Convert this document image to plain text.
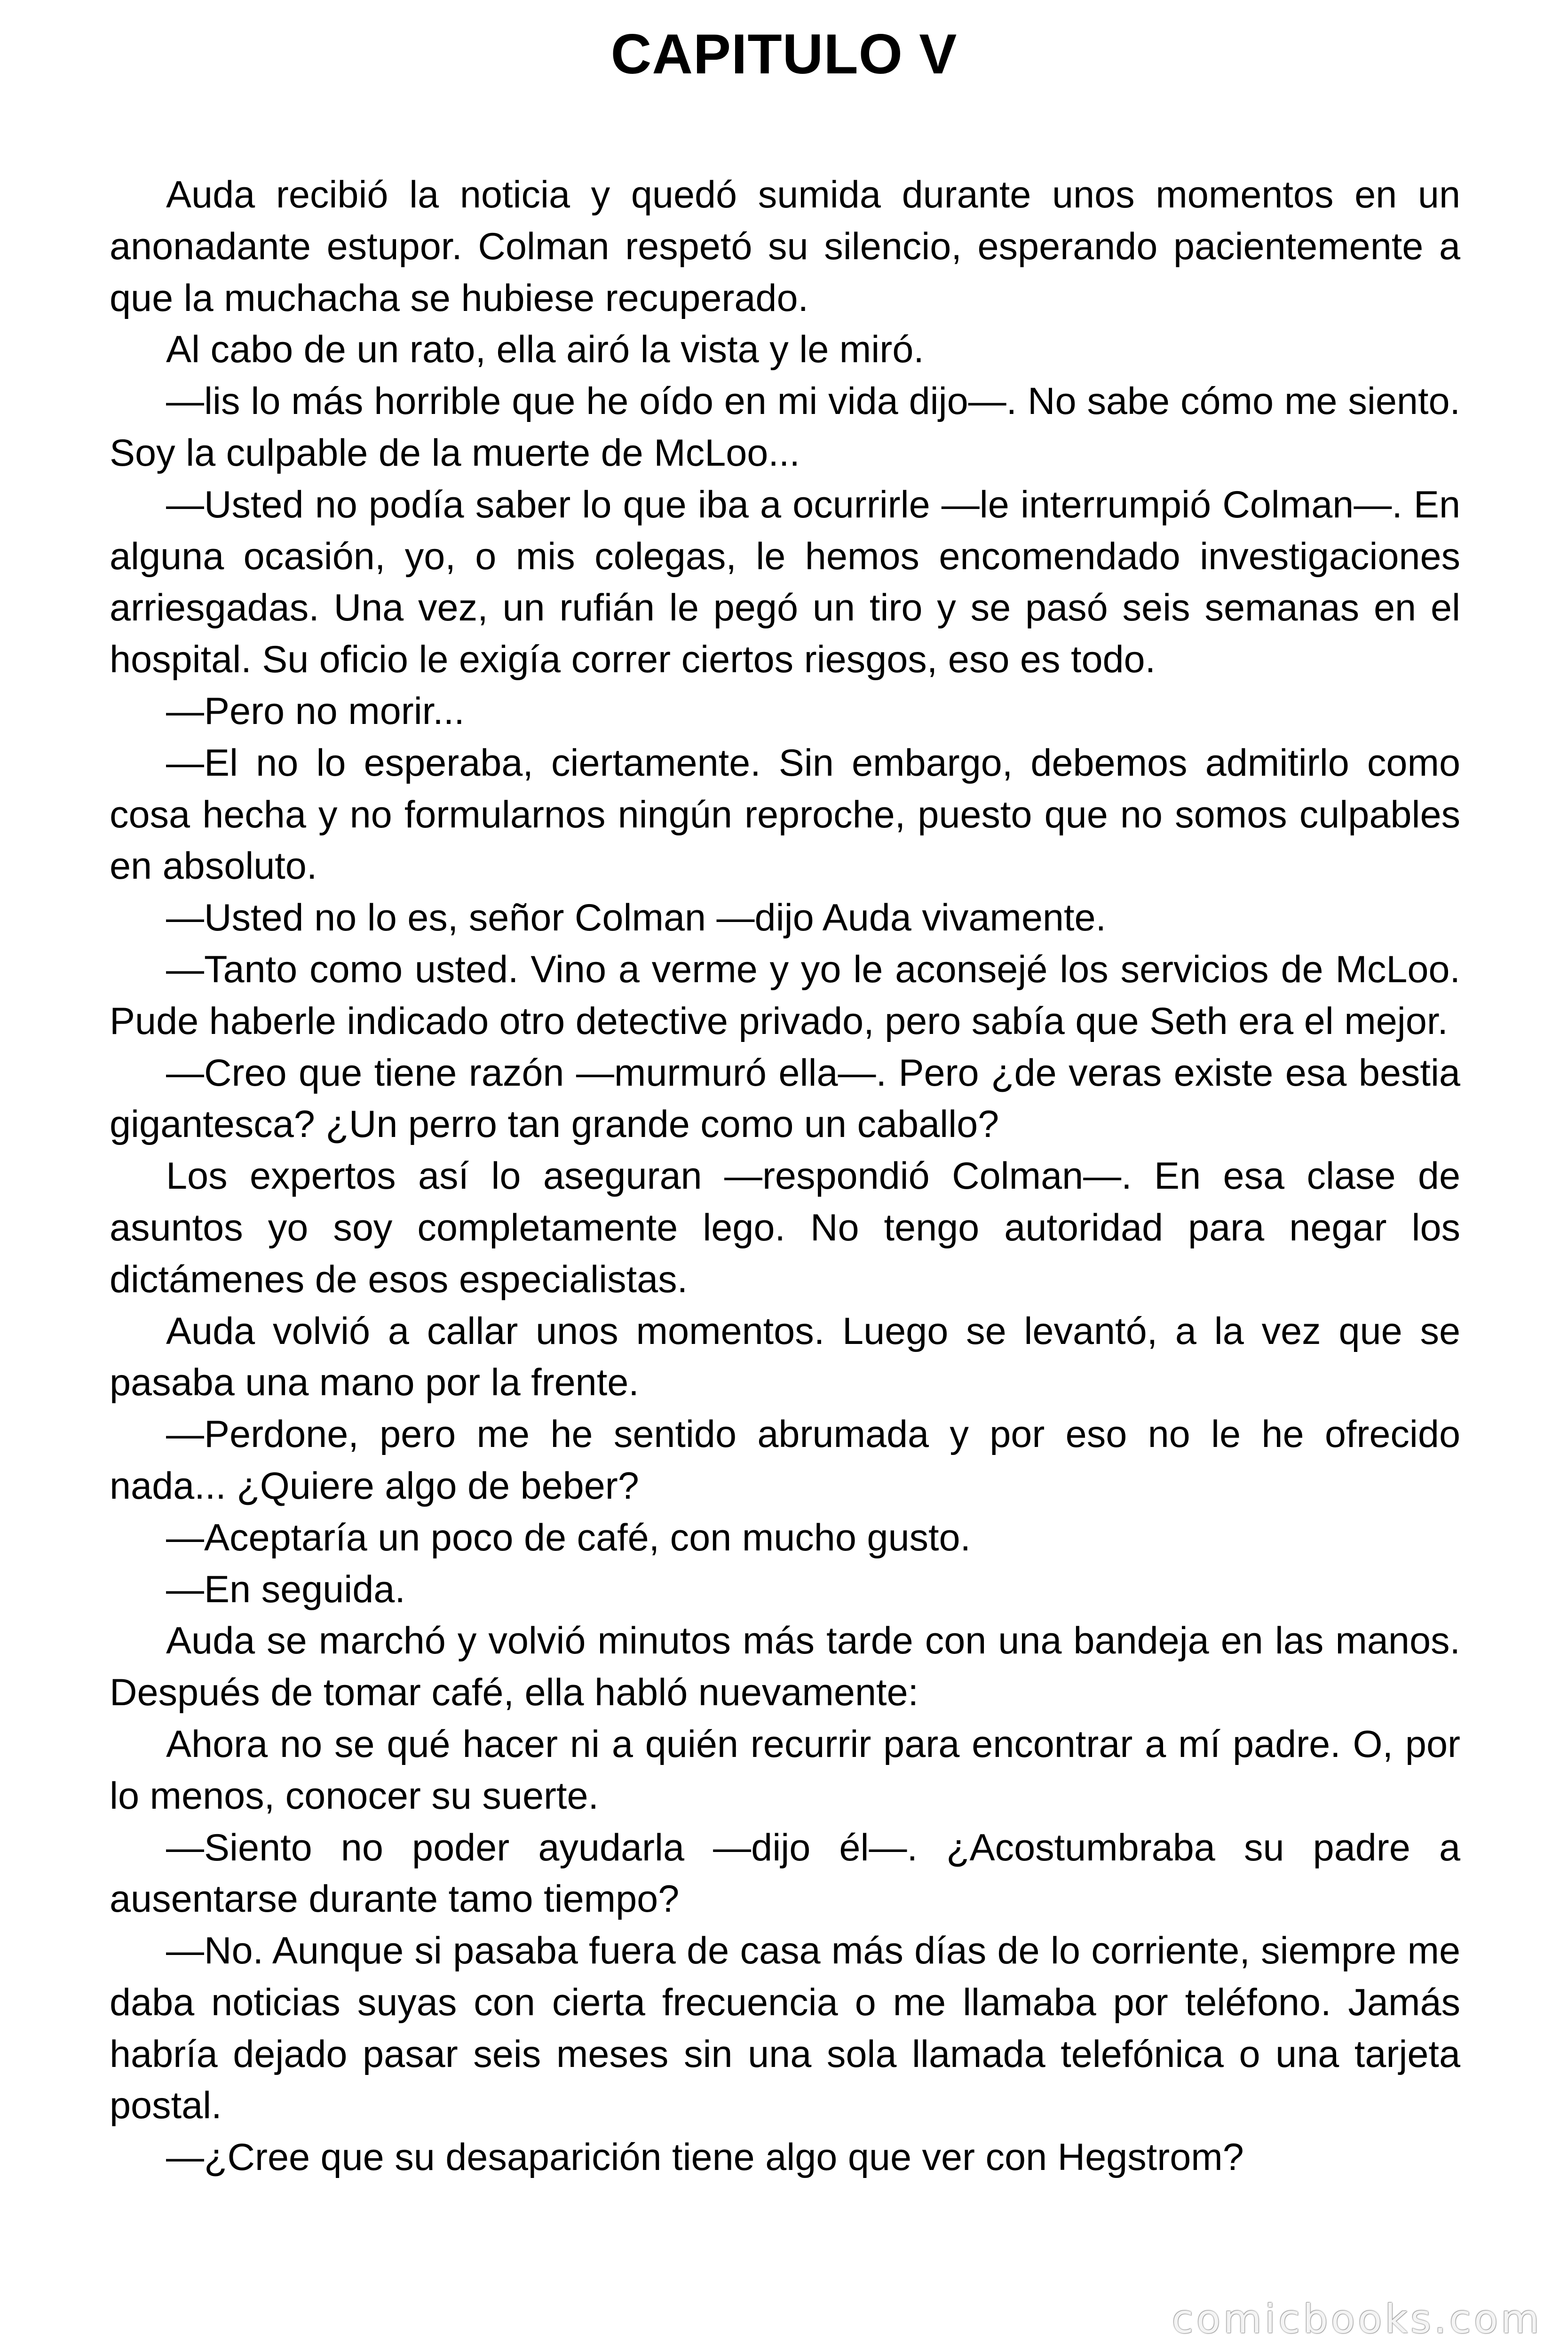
CAPITULO V

Auda recibió la noticia y quedó sumida durante unos momentos en un anonadante estupor. Colman respetó su silencio, esperando pacientemente a que la muchacha se hubiese recuperado.

Al cabo de un rato, ella airó la vista y le miró.

—lis lo más horrible que he oído en mi vida dijo—. No sabe cómo me siento. Soy la culpable de la muerte de McLoo...

—Usted no podía saber lo que iba a ocurrirle —le interrumpió Colman—. En alguna ocasión, yo, o mis colegas, le hemos encomendado investigaciones arriesgadas. Una vez, un rufián le pegó un tiro y se pasó seis semanas en el hospital. Su oficio le exigía correr ciertos riesgos, eso es todo.

—Pero no morir...

—El no lo esperaba, ciertamente. Sin embargo, debemos admitirlo como cosa hecha y no formularnos ningún reproche, puesto que no somos culpables en absoluto.

—Usted no lo es, señor Colman —dijo Auda vivamente.

—Tanto como usted. Vino a verme y yo le aconsejé los servicios de McLoo. Pude haberle indicado otro detective privado, pero sabía que Seth era el mejor.

—Creo que tiene razón —murmuró ella—. Pero ¿de veras existe esa bestia gigantesca? ¿Un perro tan grande como un caballo?

Los expertos así lo aseguran —respondió Colman—. En esa clase de asuntos yo soy completamente lego. No tengo autoridad para negar los dictámenes de esos especialistas.

Auda volvió a callar unos momentos. Luego se levantó, a la vez que se pasaba una mano por la frente.

—Perdone, pero me he sentido abrumada y por eso no le he ofrecido nada... ¿Quiere algo de beber?

—Aceptaría un poco de café, con mucho gusto.

—En seguida.

Auda se marchó y volvió minutos más tarde con una bandeja en las manos. Después de tomar café, ella habló nuevamente:

Ahora no se qué hacer ni a quién recurrir para encontrar a mí padre. O, por lo menos, conocer su suerte.

—Siento no poder ayudarla —dijo él—. ¿Acostumbraba su padre a ausentarse durante tamo tiempo?

—No. Aunque si pasaba fuera de casa más días de lo corriente, siempre me daba noticias suyas con cierta frecuencia o me llamaba por teléfono. Jamás habría dejado pasar seis meses sin una sola llamada telefónica o una tarjeta postal.

—¿Cree que su desaparición tiene algo que ver con Hegstrom?

comicbooks.com
